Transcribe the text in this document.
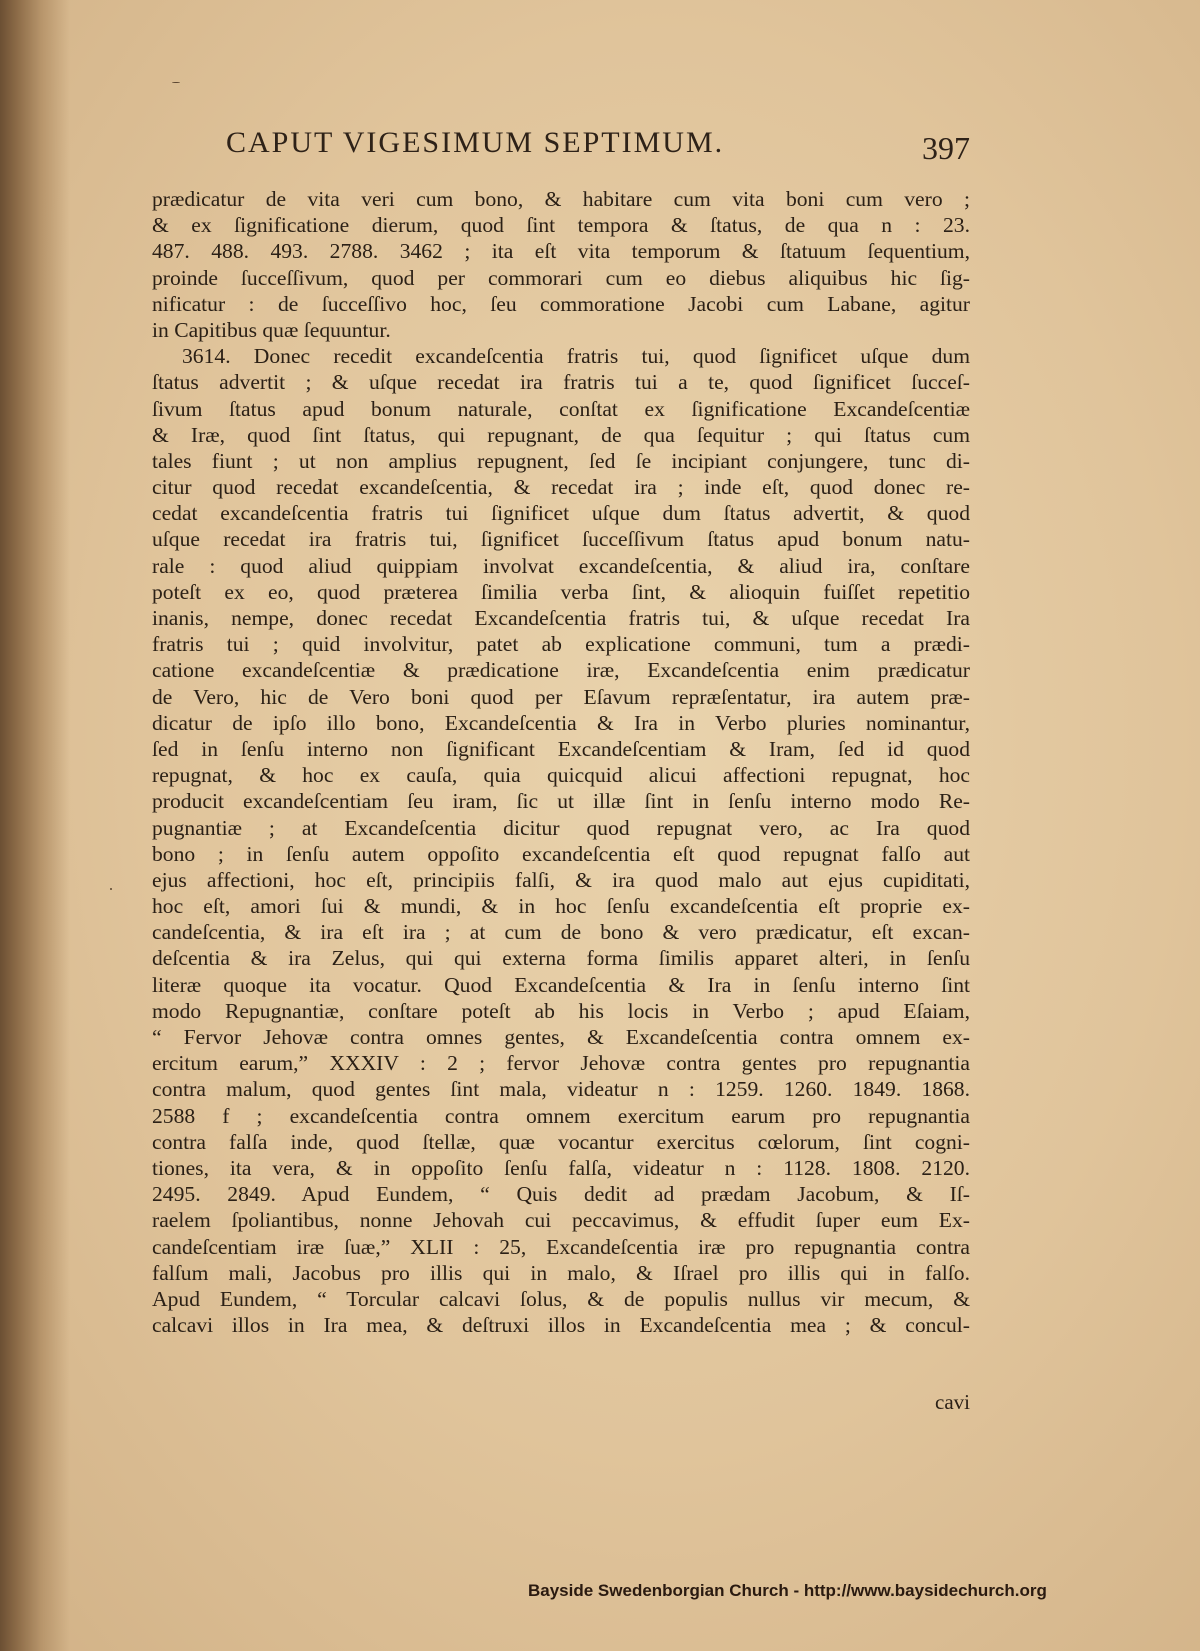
CAPUT VIGESIMUM SEPTIMUM.	397
prædicatur de vita veri cum bono, & habitare cum vita boni cum vero ;
& ex ſignificatione dierum, quod ſint tempora & ſtatus, de qua n : 23.
487. 488. 493. 2788. 3462 ; ita eſt vita temporum & ſtatuum ſequentium,
proinde ſucceſſivum, quod per commorari cum eo diebus aliquibus hic ſig-
nificatur : de ſucceſſivo hoc, ſeu commoratione Jacobi cum Labane, agitur
in Capitibus quæ ſequuntur.
3614. Donec recedit excandeſcentia fratris tui, quod ſignificet uſque dum
ſtatus advertit ; & uſque recedat ira fratris tui a te, quod ſignificet ſucceſ-
ſivum ſtatus apud bonum naturale, conſtat ex ſignificatione Excandeſcentiæ
& Iræ, quod ſint ſtatus, qui repugnant, de qua ſequitur ; qui ſtatus cum
tales fiunt ; ut non amplius repugnent, ſed ſe incipiant conjungere, tunc di-
citur quod recedat excandeſcentia, & recedat ira ; inde eſt, quod donec re-
cedat excandeſcentia fratris tui ſignificet uſque dum ſtatus advertit, & quod
uſque recedat ira fratris tui, ſignificet ſucceſſivum ſtatus apud bonum natu-
rale : quod aliud quippiam involvat excandeſcentia, & aliud ira, conſtare
poteſt ex eo, quod præterea ſimilia verba ſint, & alioquin fuiſſet repetitio
inanis, nempe, donec recedat Excandeſcentia fratris tui, & uſque recedat Ira
fratris tui ; quid involvitur, patet ab explicatione communi, tum a prædi-
catione excandeſcentiæ & prædicatione iræ, Excandeſcentia enim prædicatur
de Vero, hic de Vero boni quod per Eſavum repræſentatur, ira autem præ-
dicatur de ipſo illo bono, Excandeſcentia & Ira in Verbo pluries nominantur,
ſed in ſenſu interno non ſignificant Excandeſcentiam & Iram, ſed id quod
repugnat, & hoc ex cauſa, quia quicquid alicui affectioni repugnat, hoc
producit excandeſcentiam ſeu iram, ſic ut illæ ſint in ſenſu interno modo Re-
pugnantiæ ; at Excandeſcentia dicitur quod repugnat vero, ac Ira quod
bono ; in ſenſu autem oppoſito excandeſcentia eſt quod repugnat falſo aut
ejus affectioni, hoc eſt, principiis falſi, & ira quod malo aut ejus cupiditati,
hoc eſt, amori ſui & mundi, & in hoc ſenſu excandeſcentia eſt proprie ex-
candeſcentia, & ira eſt ira ; at cum de bono & vero prædicatur, eſt excan-
deſcentia & ira Zelus, qui qui externa forma ſimilis apparet alteri, in ſenſu
literæ quoque ita vocatur. Quod Excandeſcentia & Ira in ſenſu interno ſint
modo Repugnantiæ, conſtare poteſt ab his locis in Verbo ; apud Eſaiam,
“ Fervor Jehovæ contra omnes gentes, & Excandeſcentia contra omnem ex-
ercitum earum,” XXXIV : 2 ; fervor Jehovæ contra gentes pro repugnantia
contra malum, quod gentes ſint mala, videatur n : 1259. 1260. 1849. 1868.
2588 f ; excandeſcentia contra omnem exercitum earum pro repugnantia
contra falſa inde, quod ſtellæ, quæ vocantur exercitus cœlorum, ſint cogni-
tiones, ita vera, & in oppoſito ſenſu falſa, videatur n : 1128. 1808. 2120.
2495. 2849. Apud Eundem, “ Quis dedit ad prædam Jacobum, & Iſ-
raelem ſpoliantibus, nonne Jehovah cui peccavimus, & effudit ſuper eum Ex-
candeſcentiam iræ ſuæ,” XLII : 25, Excandeſcentia iræ pro repugnantia contra
falſum mali, Jacobus pro illis qui in malo, & Iſrael pro illis qui in falſo.
Apud Eundem, “ Torcular calcavi ſolus, & de populis nullus vir mecum, &
calcavi illos in Ira mea, & deſtruxi illos in Excandeſcentia mea ; & concul-
cavi
Bayside Swedenborgian Church - http://www.baysidechurch.org
